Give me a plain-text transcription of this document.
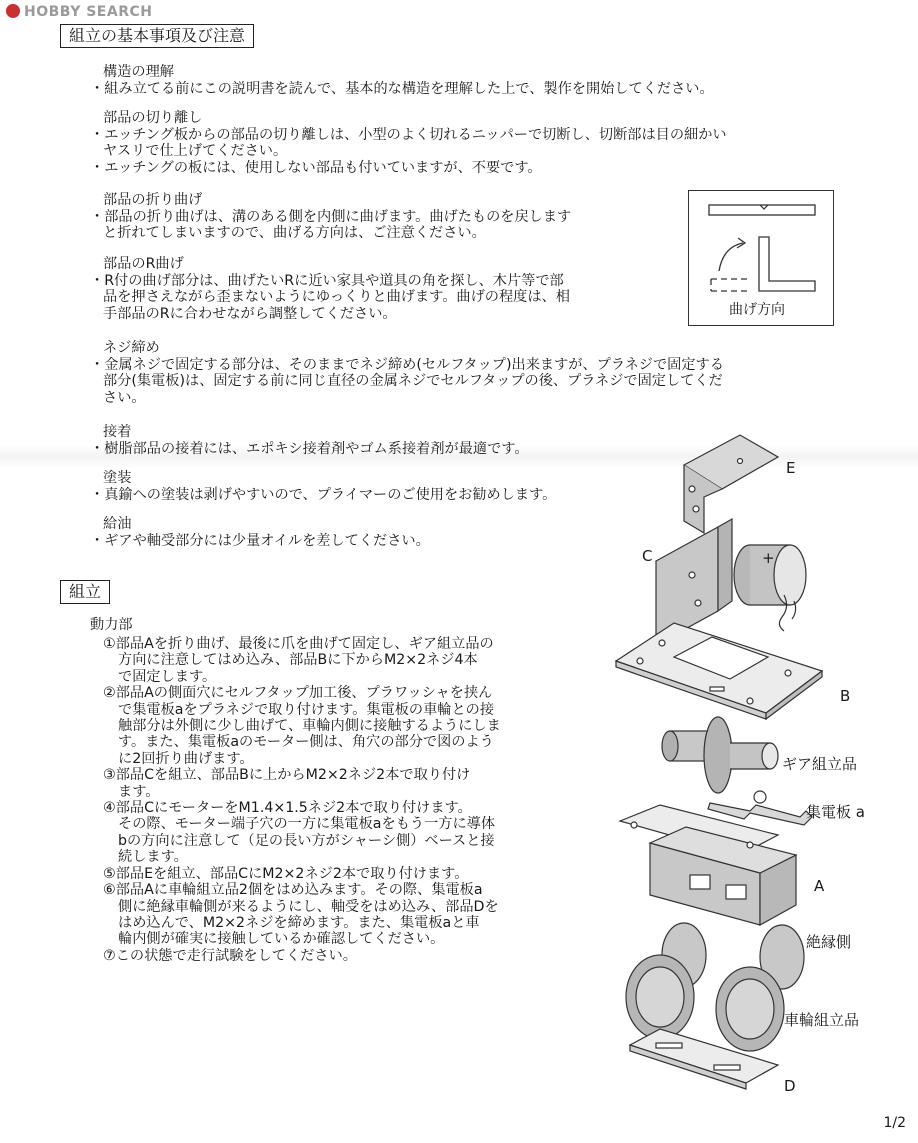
HOBBY SEARCH
組立の基本事項及び注意
構造の理解
・組み立てる前にこの説明書を読んで、基本的な構造を理解した上で、製作を開始してください。
部品の切り離し
・エッチング板からの部品の切り離しは、小型のよく切れるニッパーで切断し、切断部は目の細かい
ヤスリで仕上げてください。
・エッチングの板には、使用しない部品も付いていますが、不要です。
部品の折り曲げ
・部品の折り曲げは、溝のある側を内側に曲げます。曲げたものを戻します
と折れてしまいますので、曲げる方向は、ご注意ください。
部品のR曲げ
・R付の曲げ部分は、曲げたいRに近い家具や道具の角を探し、木片等で部
品を押さえながら歪まないようにゆっくりと曲げます。曲げの程度は、相
手部品のRに合わせながら調整してください。
ネジ締め
・金属ネジで固定する部分は、そのままでネジ締め(セルフタップ)出来ますが、プラネジで固定する
部分(集電板)は、固定する前に同じ直径の金属ネジでセルフタップの後、プラネジで固定してくだ
さい。
接着
・樹脂部品の接着には、エポキシ接着剤やゴム系接着剤が最適です。
塗装
・真鍮への塗装は剥げやすいので、プライマーのご使用をお勧めします。
給油
・ギアや軸受部分には少量オイルを差してください。
曲げ方向
組立
動力部
①部品Aを折り曲げ、最後に爪を曲げて固定し、ギア組立品の
方向に注意してはめ込み、部品Bに下からM2×2ネジ4本
で固定します。
②部品Aの側面穴にセルフタップ加工後、プラワッシャを挟ん
で集電板aをプラネジで取り付けます。集電板の車輪との接
触部分は外側に少し曲げて、車輪内側に接触するようにしま
す。また、集電板aのモーター側は、角穴の部分で図のよう
に2回折り曲げます。
③部品Cを組立、部品Bに上からM2×2ネジ2本で取り付け
ます。
④部品CにモーターをM1.4×1.5ネジ2本で取り付けます。
その際、モーター端子穴の一方に集電板aをもう一方に導体
bの方向に注意して（足の長い方がシャーシ側）ベースと接
続します。
⑤部品Eを組立、部品CにM2×2ネジ2本で取り付けます。
⑥部品Aに車輪組立品2個をはめ込みます。その際、集電板a
側に絶縁車輪側が来るようにし、軸受をはめ込み、部品Dを
はめ込んで、M2×2ネジを締めます。また、集電板aと車
輪内側が確実に接触しているか確認してください。
⑦この状態で走行試験をしてください。
E
C	+
B
ギア組立品
集電板 a
A
絶縁側
車輪組立品
D
1/2
